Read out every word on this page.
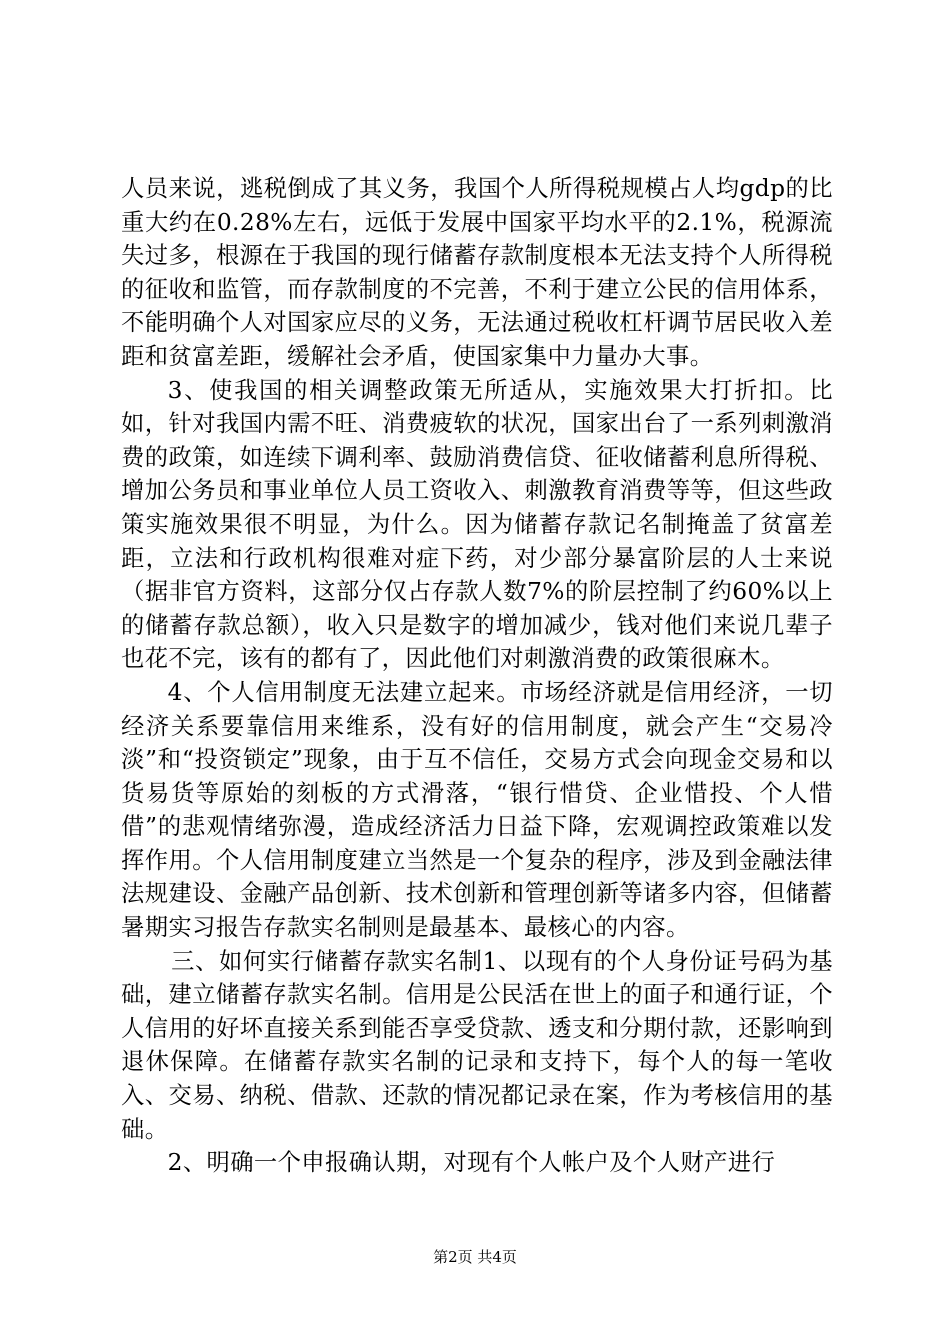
人员来说，逃税倒成了其义务，我国个人所得税规模占人均gdp的比重大约在0.28%左右，远低于发展中国家平均水平的2.1%，税源流失过多，根源在于我国的现行储蓄存款制度根本无法支持个人所得税的征收和监管，而存款制度的不完善，不利于建立公民的信用体系，不能明确个人对国家应尽的义务，无法通过税收杠杆调节居民收入差距和贫富差距，缓解社会矛盾，使国家集中力量办大事。

3、使我国的相关调整政策无所适从，实施效果大打折扣。比如，针对我国内需不旺、消费疲软的状况，国家出台了一系列刺激消费的政策，如连续下调利率、鼓励消费信贷、征收储蓄利息所得税、增加公务员和事业单位人员工资收入、刺激教育消费等等，但这些政策实施效果很不明显，为什么。因为储蓄存款记名制掩盖了贫富差距，立法和行政机构很难对症下药，对少部分暴富阶层的人士来说（据非官方资料，这部分仅占存款人数7%的阶层控制了约60%以上的储蓄存款总额），收入只是数字的增加减少，钱对他们来说几辈子也花不完，该有的都有了，因此他们对刺激消费的政策很麻木。

4、个人信用制度无法建立起来。市场经济就是信用经济，一切经济关系要靠信用来维系，没有好的信用制度，就会产生“交易冷淡”和“投资锁定”现象，由于互不信任，交易方式会向现金交易和以货易货等原始的刻板的方式滑落，“银行惜贷、企业惜投、个人惜借”的悲观情绪弥漫，造成经济活力日益下降，宏观调控政策难以发挥作用。个人信用制度建立当然是一个复杂的程序，涉及到金融法律法规建设、金融产品创新、技术创新和管理创新等诸多内容，但储蓄暑期实习报告存款实名制则是最基本、最核心的内容。

三、如何实行储蓄存款实名制1、以现有的个人身份证号码为基础，建立储蓄存款实名制。信用是公民活在世上的面子和通行证，个人信用的好坏直接关系到能否享受贷款、透支和分期付款，还影响到退休保障。在储蓄存款实名制的记录和支持下，每个人的每一笔收入、交易、纳税、借款、还款的情况都记录在案，作为考核信用的基础。

2、明确一个申报确认期，对现有个人帐户及个人财产进行

第2页 共4页
